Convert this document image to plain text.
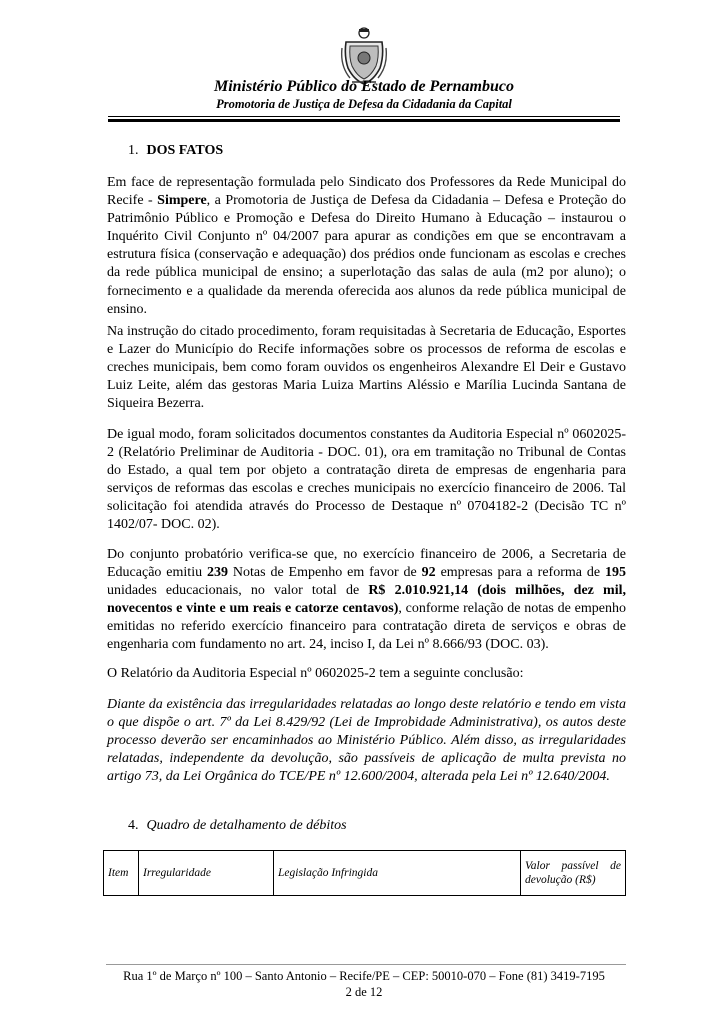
Ministério Público do Estado de Pernambuco
Promotoria de Justiça de Defesa da Cidadania da Capital
1. DOS FATOS

Em face de representação formulada pelo Sindicato dos Professores da Rede Municipal do Recife - Simpere, a Promotoria de Justiça de Defesa da Cidadania – Defesa e Proteção do Patrimônio Público e Promoção e Defesa do Direito Humano à Educação – instaurou o Inquérito Civil Conjunto nº 04/2007 para apurar as condições em que se encontravam a estrutura física (conservação e adequação) dos prédios onde funcionam as escolas e creches da rede pública municipal de ensino; a superlotação das salas de aula (m2 por aluno); o fornecimento e a qualidade da merenda oferecida aos alunos da rede pública municipal de ensino.

Na instrução do citado procedimento, foram requisitadas à Secretaria de Educação, Esportes e Lazer do Município do Recife informações sobre os processos de reforma de escolas e creches municipais, bem como foram ouvidos os engenheiros Alexandre El Deir e Gustavo Luiz Leite, além das gestoras Maria Luiza Martins Aléssio e Marília Lucinda Santana de Siqueira Bezerra.

De igual modo, foram solicitados documentos constantes da Auditoria Especial nº 0602025-2 (Relatório Preliminar de Auditoria - DOC. 01), ora em tramitação no Tribunal de Contas do Estado, a qual tem por objeto a contratação direta de empresas de engenharia para serviços de reformas das escolas e creches municipais no exercício financeiro de 2006. Tal solicitação foi atendida através do Processo de Destaque nº 0704182-2 (Decisão TC nº 1402/07- DOC. 02).

Do conjunto probatório verifica-se que, no exercício financeiro de 2006, a Secretaria de Educação emitiu 239 Notas de Empenho em favor de 92 empresas para a reforma de 195 unidades educacionais, no valor total de R$ 2.010.921,14 (dois milhões, dez mil, novecentos e vinte e um reais e catorze centavos), conforme relação de notas de empenho emitidas no referido exercício financeiro para contratação direta de serviços e obras de engenharia com fundamento no art. 24, inciso I, da Lei nº 8.666/93 (DOC. 03).

O Relatório da Auditoria Especial nº 0602025-2 tem a seguinte conclusão:

Diante da existência das irregularidades relatadas ao longo deste relatório e tendo em vista o que dispõe o art. 7º da Lei 8.429/92 (Lei de Improbidade Administrativa), os autos deste processo deverão ser encaminhados ao Ministério Público. Além disso, as irregularidades relatadas, independente da devolução, são passíveis de aplicação de multa prevista no artigo 73, da Lei Orgânica do TCE/PE nº 12.600/2004, alterada pela Lei nº 12.640/2004.

4. Quadro de detalhamento de débitos
Item	Irregularidade	Legislação Infringida	Valor passível de devolução (R$)
Rua 1º de Março nº 100 – Santo Antonio – Recife/PE – CEP: 50010-070 – Fone (81) 3419-7195
2 de 12
